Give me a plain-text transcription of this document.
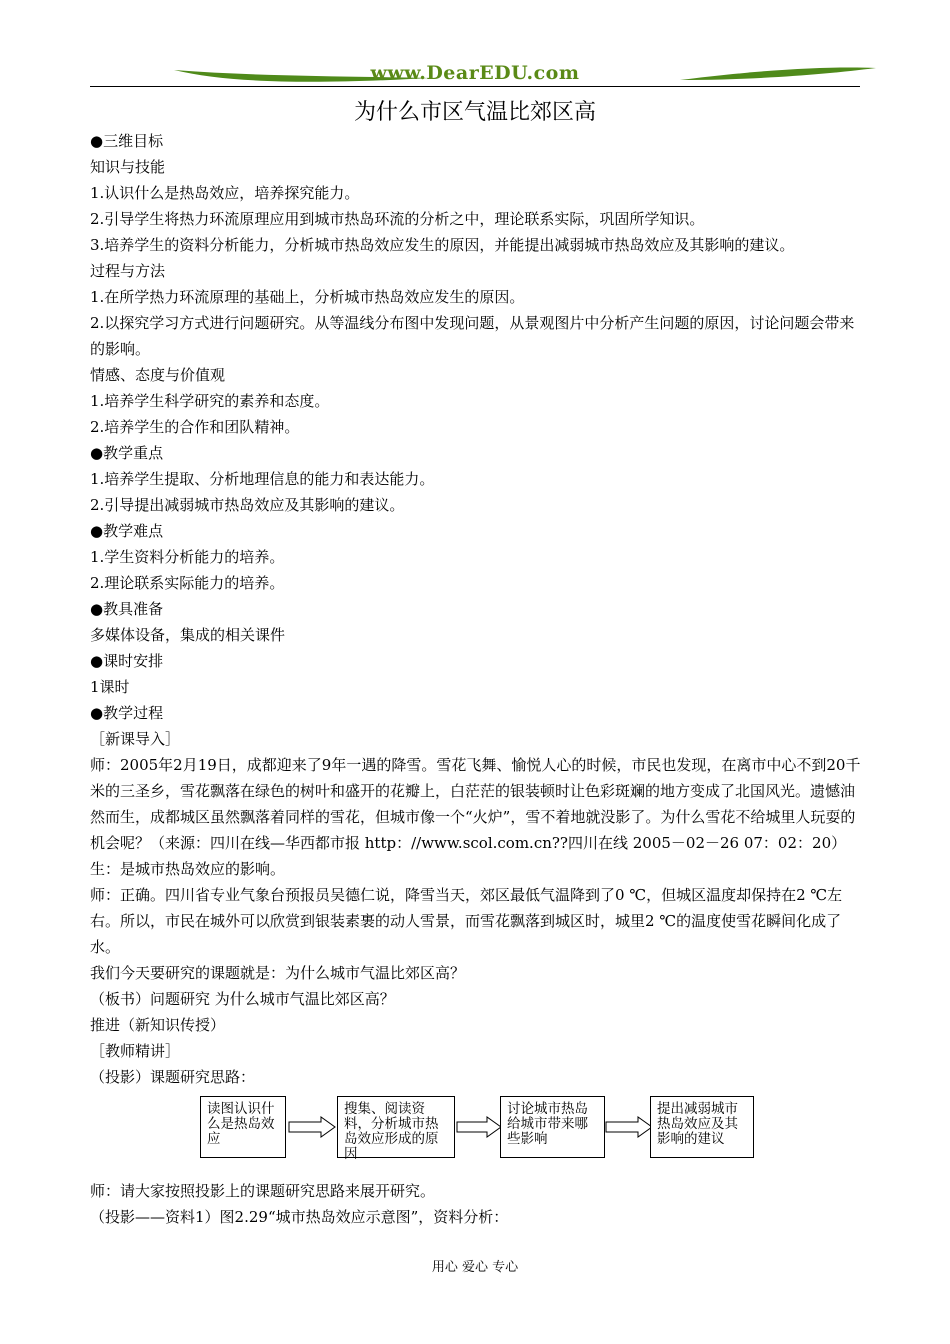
www.DearEDU.com
为什么市区气温比郊区高

●三维目标

知识与技能

1.认识什么是热岛效应，培养探究能力。

2.引导学生将热力环流原理应用到城市热岛环流的分析之中，理论联系实际，巩固所学知识。

3.培养学生的资料分析能力，分析城市热岛效应发生的原因，并能提出减弱城市热岛效应及其影响的建议。

过程与方法

1.在所学热力环流原理的基础上，分析城市热岛效应发生的原因。

2.以探究学习方式进行问题研究。从等温线分布图中发现问题，从景观图片中分析产生问题的原因，讨论问题会带来的影响。

情感、态度与价值观

1.培养学生科学研究的素养和态度。

2.培养学生的合作和团队精神。

●教学重点

1.培养学生提取、分析地理信息的能力和表达能力。

2.引导提出减弱城市热岛效应及其影响的建议。

●教学难点

1.学生资料分析能力的培养。

2.理论联系实际能力的培养。

●教具准备

多媒体设备，集成的相关课件

●课时安排

1课时

●教学过程

［新课导入］

师：2005年2月19日，成都迎来了9年一遇的降雪。雪花飞舞、愉悦人心的时候，市民也发现，在离市中心不到20千米的三圣乡，雪花飘落在绿色的树叶和盛开的花瓣上，白茫茫的银装顿时让色彩斑斓的地方变成了北国风光。遗憾油然而生，成都城区虽然飘落着同样的雪花，但城市像一个“火炉”，雪不着地就没影了。为什么雪花不给城里人玩耍的机会呢？（来源：四川在线—华西都市报 http：//www.scol.com.cn??四川在线 2005－02－26 07：02：20）

生：是城市热岛效应的影响。

师：正确。四川省专业气象台预报员吴德仁说，降雪当天，郊区最低气温降到了0 ℃，但城区温度却保持在2 ℃左右。所以，市民在城外可以欣赏到银装素裹的动人雪景，而雪花飘落到城区时，城里2 ℃的温度使雪花瞬间化成了水。

我们今天要研究的课题就是：为什么城市气温比郊区高？

（板书）问题研究 为什么城市气温比郊区高？

推进（新知识传授）

［教师精讲］

（投影）课题研究思路：

读图认识什么是热岛效应
搜集、阅读资料，分析城市热岛效应形成的原因
讨论城市热岛给城市带来哪些影响
提出减弱城市热岛效应及其影响的建议

师：请大家按照投影上的课题研究思路来展开研究。

（投影——资料1）图2.29“城市热岛效应示意图”，资料分析：

用心 爱心 专心
